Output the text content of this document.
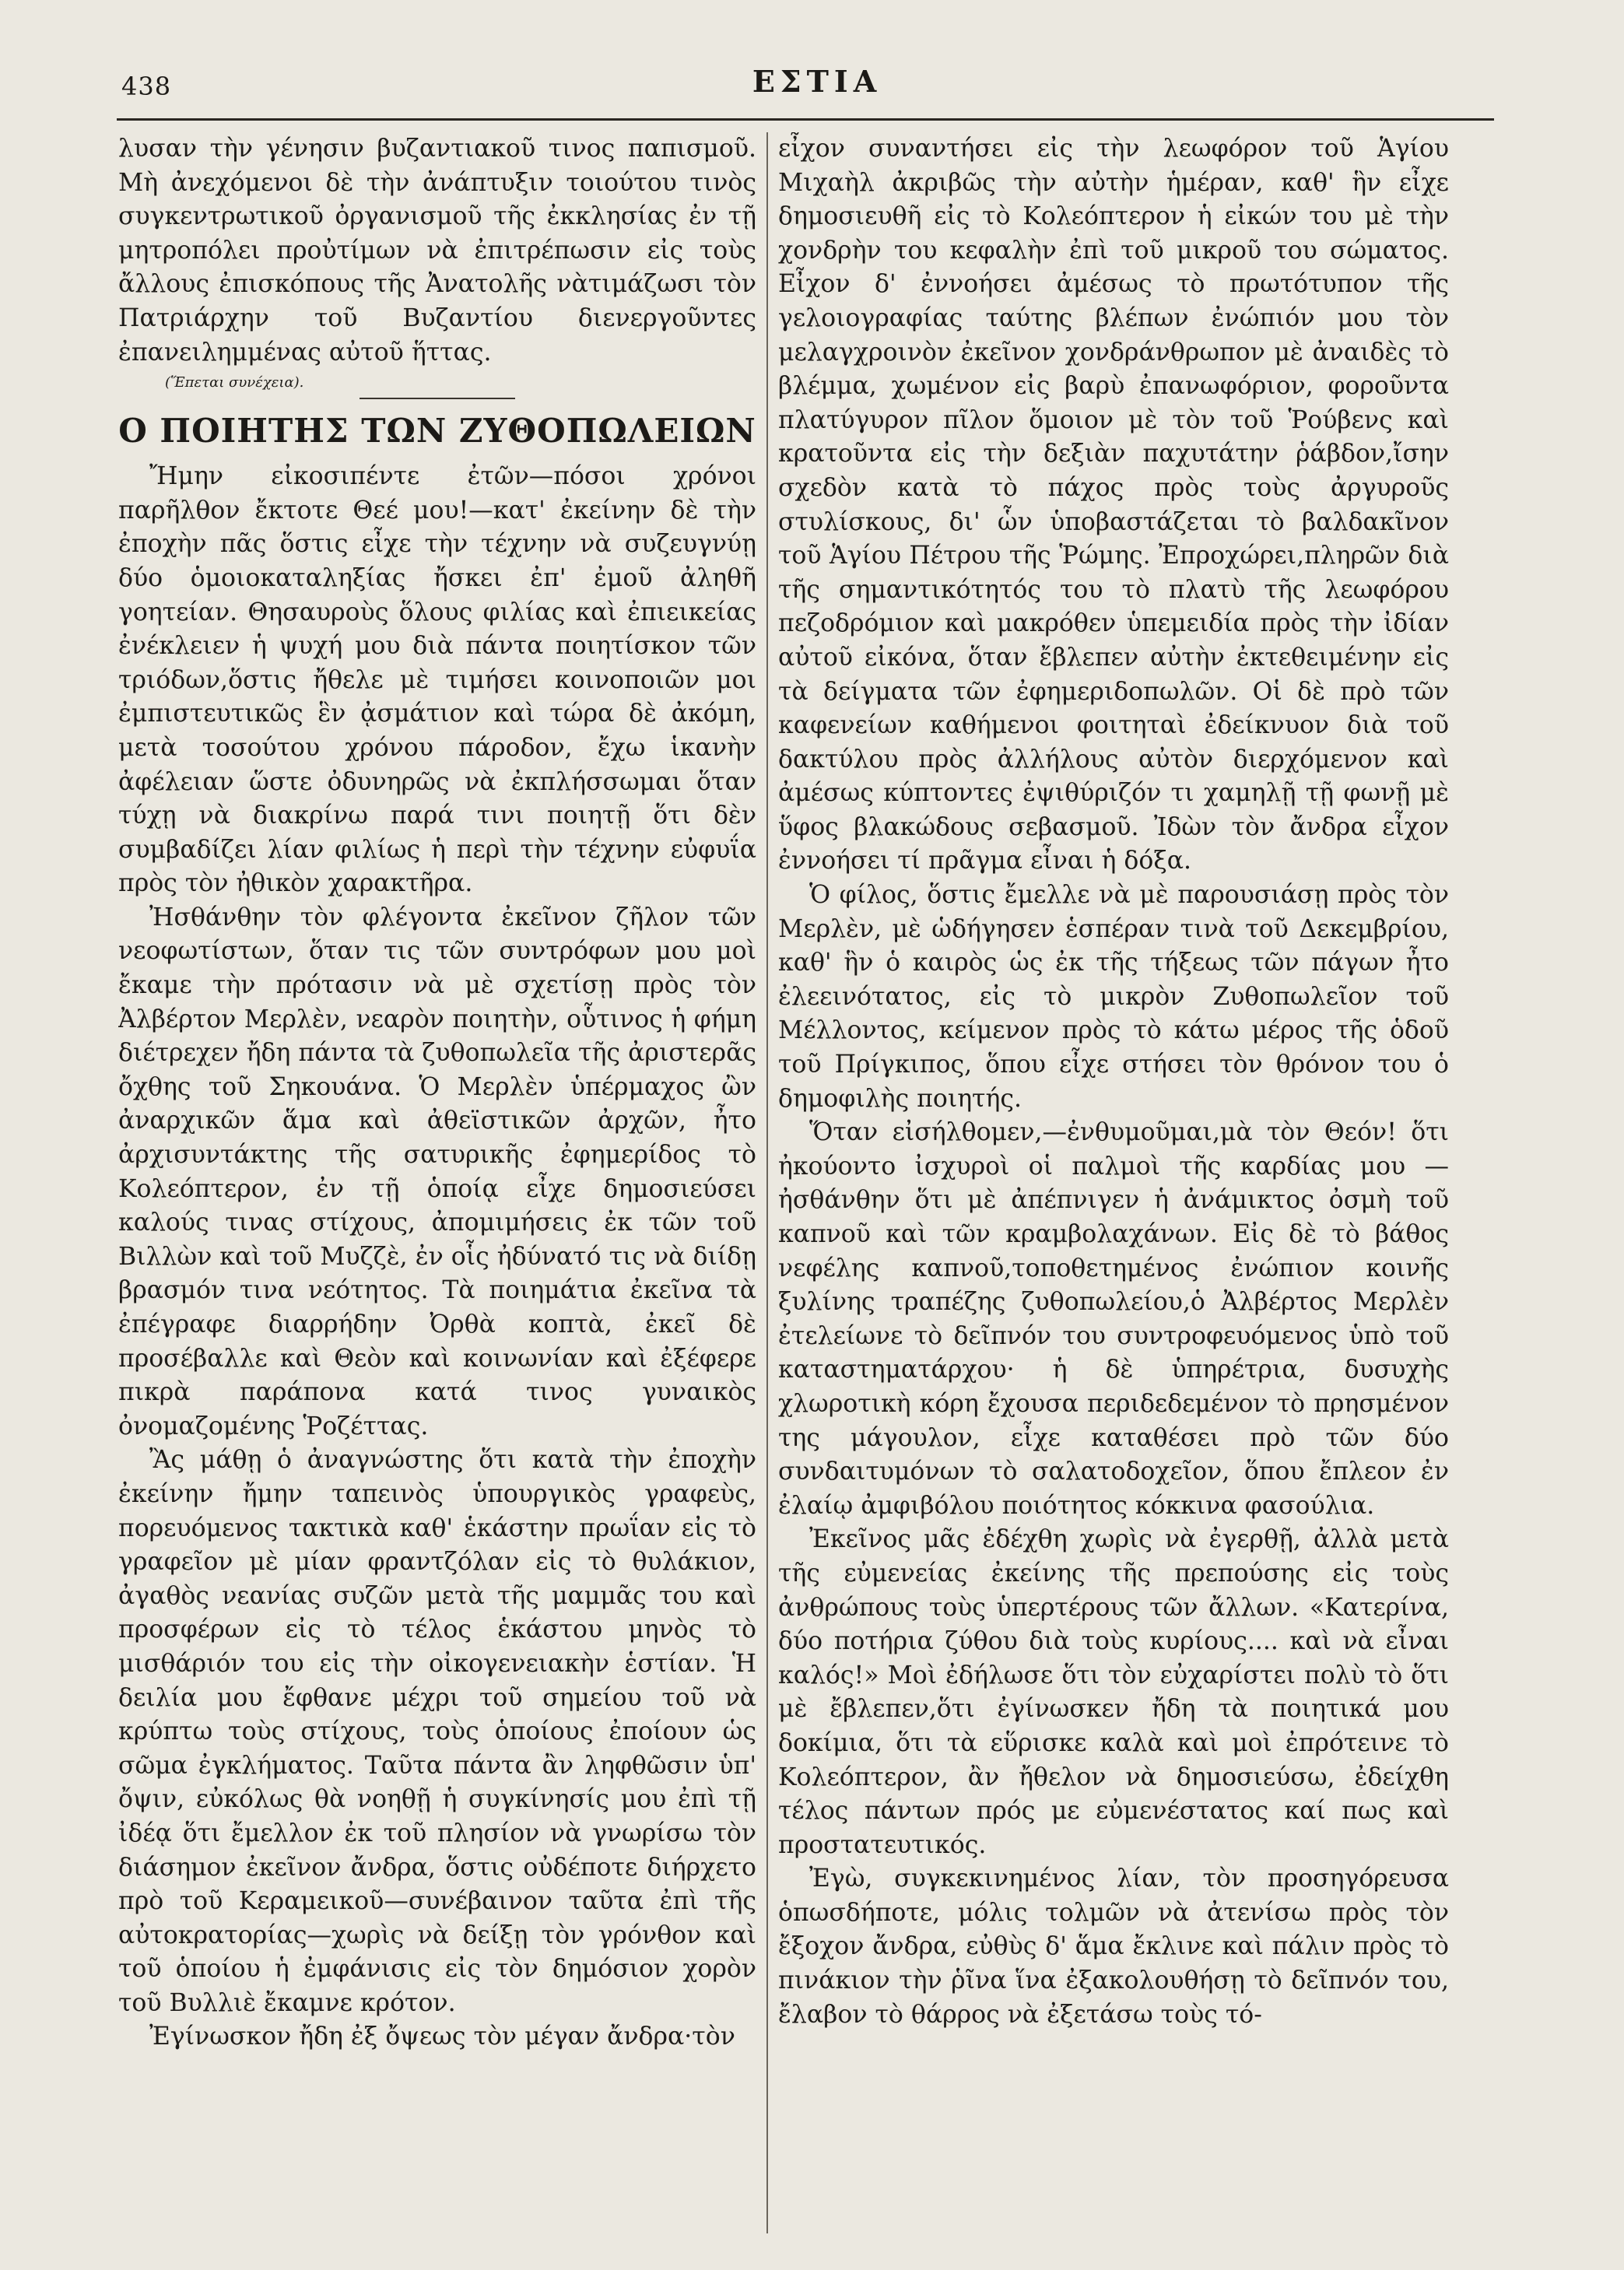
438	ΕΣΤΙΑ

λυσαν τὴν γένησιν βυζαντιακοῦ τινος παπισμοῦ. Μὴ ἀνεχόμενοι δὲ τὴν ἀνάπτυξιν τοιούτου τινὸς συγκεντρωτικοῦ ὀργανισμοῦ τῆς ἐκκλησίας ἐν τῇ μητροπόλει προὐτίμων νὰ ἐπιτρέπωσιν εἰς τοὺς ἄλλους ἐπισκόπους τῆς Ἀνατολῆς νὰτιμάζωσι τὸν Πατριάρχην τοῦ Βυζαντίου διενεργοῦντες ἐπανειλημμένας αὐτοῦ ἥττας.

(Ἕπεται συνέχεια).

Ο ΠΟΙΗΤΗΣ ΤΩΝ ΖΥΘΟΠΩΛΕΙΩΝ

Ἤμην εἰκοσιπέντε ἐτῶν—πόσοι χρόνοι παρῆλθον ἔκτοτε Θεέ μου!—κατ' ἐκείνην δὲ τὴν ἐποχὴν πᾶς ὅστις εἶχε τὴν τέχνην νὰ συζευγνύῃ δύο ὁμοιοκαταληξίας ἤσκει ἐπ' ἐμοῦ ἀληθῆ γοητείαν. Θησαυροὺς ὅλους φιλίας καὶ ἐπιεικείας ἐνέκλειεν ἡ ψυχή μου διὰ πάντα ποιητίσκον τῶν τριόδων,ὅστις ἤθελε μὲ τιμήσει κοινοποιῶν μοι ἐμπιστευτικῶς ἓν ᾀσμάτιον καὶ τώρα δὲ ἀκόμη, μετὰ τοσούτου χρόνου πάροδον, ἔχω ἱκανὴν ἀφέλειαν ὥστε ὀδυνηρῶς νὰ ἐκπλήσσωμαι ὅταν τύχῃ νὰ διακρίνω παρά τινι ποιητῇ ὅτι δὲν συμβαδίζει λίαν φιλίως ἡ περὶ τὴν τέχνην εὐφυΐα πρὸς τὸν ἠθικὸν χαρακτῆρα.

Ἠσθάνθην τὸν φλέγοντα ἐκεῖνον ζῆλον τῶν νεοφωτίστων, ὅταν τις τῶν συντρόφων μου μοὶ ἔκαμε τὴν πρότασιν νὰ μὲ σχετίσῃ πρὸς τὸν Ἀλβέρτον Μερλὲν, νεαρὸν ποιητὴν, οὗτινος ἡ φήμη διέτρεχεν ἤδη πάντα τὰ ζυθοπωλεῖα τῆς ἀριστερᾶς ὄχθης τοῦ Σηκουάνα. Ὁ Μερλὲν ὑπέρμαχος ὢν ἀναρχικῶν ἅμα καὶ ἀθεϊστικῶν ἀρχῶν, ἦτο ἀρχισυντάκτης τῆς σατυρικῆς ἐφημερίδος τὸ Κολεόπτερον, ἐν τῇ ὁποίᾳ εἶχε δημοσιεύσει καλούς τινας στίχους, ἀπομιμήσεις ἐκ τῶν τοῦ Βιλλὼν καὶ τοῦ Μυζζὲ, ἐν οἷς ἠδύνατό τις νὰ διίδῃ βρασμόν τινα νεότητος. Τὰ ποιημάτια ἐκεῖνα τὰ ἐπέγραφε διαρρήδην Ὀρθὰ κοπτὰ, ἐκεῖ δὲ προσέβαλλε καὶ Θεὸν καὶ κοινωνίαν καὶ ἐξέφερε πικρὰ παράπονα κατά τινος γυναικὸς ὀνομαζομένης Ῥοζέττας.

Ἂς μάθῃ ὁ ἀναγνώστης ὅτι κατὰ τὴν ἐποχὴν ἐκείνην ἤμην ταπεινὸς ὑπουργικὸς γραφεὺς, πορευόμενος τακτικὰ καθ' ἑκάστην πρωΐαν εἰς τὸ γραφεῖον μὲ μίαν φραντζόλαν εἰς τὸ θυλάκιον, ἀγαθὸς νεανίας συζῶν μετὰ τῆς μαμμᾶς του καὶ προσφέρων εἰς τὸ τέλος ἑκάστου μηνὸς τὸ μισθάριόν του εἰς τὴν οἰκογενειακὴν ἑστίαν. Ἡ δειλία μου ἔφθανε μέχρι τοῦ σημείου τοῦ νὰ κρύπτω τοὺς στίχους, τοὺς ὁποίους ἐποίουν ὡς σῶμα ἐγκλήματος. Ταῦτα πάντα ἂν ληφθῶσιν ὑπ' ὄψιν, εὐκόλως θὰ νοηθῇ ἡ συγκίνησίς μου ἐπὶ τῇ ἰδέᾳ ὅτι ἔμελλον ἐκ τοῦ πλησίον νὰ γνωρίσω τὸν διάσημον ἐκεῖνον ἄνδρα, ὅστις οὐδέποτε διήρχετο πρὸ τοῦ Κεραμεικοῦ—συνέβαινον ταῦτα ἐπὶ τῆς αὐτοκρατορίας—χωρὶς νὰ δείξῃ τὸν γρόνθον καὶ τοῦ ὁποίου ἡ ἐμφάνισις εἰς τὸν δημόσιον χορὸν τοῦ Βυλλιὲ ἔκαμνε κρότον.

Ἐγίνωσκον ἤδη ἐξ ὄψεως τὸν μέγαν ἄνδρα·τὸν

εἶχον συναντήσει εἰς τὴν λεωφόρον τοῦ Ἁγίου Μιχαὴλ ἀκριβῶς τὴν αὐτὴν ἡμέραν, καθ' ἣν εἶχε δημοσιευθῆ εἰς τὸ Κολεόπτερον ἡ εἰκών του μὲ τὴν χονδρὴν του κεφαλὴν ἐπὶ τοῦ μικροῦ του σώματος. Εἶχον δ' ἐννοήσει ἀμέσως τὸ πρωτότυπον τῆς γελοιογραφίας ταύτης βλέπων ἐνώπιόν μου τὸν μελαγχροινὸν ἐκεῖνον χονδράνθρωπον μὲ ἀναιδὲς τὸ βλέμμα, χωμένον εἰς βαρὺ ἐπανωφόριον, φοροῦντα πλατύγυρον πῖλον ὅμοιον μὲ τὸν τοῦ Ῥούβενς καὶ κρατοῦντα εἰς τὴν δεξιὰν παχυτάτην ῥάβδον,ἴσην σχεδὸν κατὰ τὸ πάχος πρὸς τοὺς ἀργυροῦς στυλίσκους, δι' ὧν ὑποβαστάζεται τὸ βαλδακῖνον τοῦ Ἁγίου Πέτρου τῆς Ῥώμης. Ἐπροχώρει,πληρῶν διὰ τῆς σημαντικότητός του τὸ πλατὺ τῆς λεωφόρου πεζοδρόμιον καὶ μακρόθεν ὑπεμειδία πρὸς τὴν ἰδίαν αὐτοῦ εἰκόνα, ὅταν ἔβλεπεν αὐτὴν ἐκτεθειμένην εἰς τὰ δείγματα τῶν ἐφημεριδοπωλῶν. Οἱ δὲ πρὸ τῶν καφενείων καθήμενοι φοιτηταὶ ἐδείκνυον διὰ τοῦ δακτύλου πρὸς ἀλλήλους αὐτὸν διερχόμενον καὶ ἀμέσως κύπτοντες ἐψιθύριζόν τι χαμηλῇ τῇ φωνῇ μὲ ὕφος βλακώδους σεβασμοῦ. Ἰδὼν τὸν ἄνδρα εἶχον ἐννοήσει τί πρᾶγμα εἶναι ἡ δόξα.

Ὁ φίλος, ὅστις ἔμελλε νὰ μὲ παρουσιάσῃ πρὸς τὸν Μερλὲν, μὲ ὡδήγησεν ἑσπέραν τινὰ τοῦ Δεκεμβρίου, καθ' ἣν ὁ καιρὸς ὡς ἐκ τῆς τήξεως τῶν πάγων ἦτο ἐλεεινότατος, εἰς τὸ μικρὸν Ζυθοπωλεῖον τοῦ Μέλλοντος, κείμενον πρὸς τὸ κάτω μέρος τῆς ὁδοῦ τοῦ Πρίγκιπος, ὅπου εἶχε στήσει τὸν θρόνον του ὁ δημοφιλὴς ποιητής.

Ὅταν εἰσήλθομεν,—ἐνθυμοῦμαι,μὰ τὸν Θεόν! ὅτι ἠκούοντο ἰσχυροὶ οἱ παλμοὶ τῆς καρδίας μου —ἠσθάνθην ὅτι μὲ ἀπέπνιγεν ἡ ἀνάμικτος ὀσμὴ τοῦ καπνοῦ καὶ τῶν κραμβολαχάνων. Εἰς δὲ τὸ βάθος νεφέλης καπνοῦ,τοποθετημένος ἐνώπιον κοινῆς ξυλίνης τραπέζης ζυθοπωλείου,ὁ Ἀλβέρτος Μερλὲν ἐτελείωνε τὸ δεῖπνόν του συντροφευόμενος ὑπὸ τοῦ καταστηματάρχου· ἡ δὲ ὑπηρέτρια, δυσυχὴς χλωροτικὴ κόρη ἔχουσα περιδεδεμένον τὸ πρησμένον της μάγουλον, εἶχε καταθέσει πρὸ τῶν δύο συνδαιτυμόνων τὸ σαλατοδοχεῖον, ὅπου ἔπλεον ἐν ἐλαίῳ ἀμφιβόλου ποιότητος κόκκινα φασούλια.

Ἐκεῖνος μᾶς ἐδέχθη χωρὶς νὰ ἐγερθῇ, ἀλλὰ μετὰ τῆς εὐμενείας ἐκείνης τῆς πρεπούσης εἰς τοὺς ἀνθρώπους τοὺς ὑπερτέρους τῶν ἄλλων. «Κατερίνα, δύο ποτήρια ζύθου διὰ τοὺς κυρίους.... καὶ νὰ εἶναι καλός!» Μοὶ ἐδήλωσε ὅτι τὸν εὐχαρίστει πολὺ τὸ ὅτι μὲ ἔβλεπεν,ὅτι ἐγίνωσκεν ἤδη τὰ ποιητικά μου δοκίμια, ὅτι τὰ εὕρισκε καλὰ καὶ μοὶ ἐπρότεινε τὸ Κολεόπτερον, ἂν ἤθελον νὰ δημοσιεύσω, ἐδείχθη τέλος πάντων πρός με εὐμενέστατος καί πως καὶ προστατευτικός.

Ἐγὼ, συγκεκινημένος λίαν, τὸν προσηγόρευσα ὁπωσδήποτε, μόλις τολμῶν νὰ ἀτενίσω πρὸς τὸν ἔξοχον ἄνδρα, εὐθὺς δ' ἅμα ἔκλινε καὶ πάλιν πρὸς τὸ πινάκιον τὴν ῥῖνα ἵνα ἐξακολουθήσῃ τὸ δεῖπνόν του, ἔλαβον τὸ θάρρος νὰ ἐξετάσω τοὺς τό-
